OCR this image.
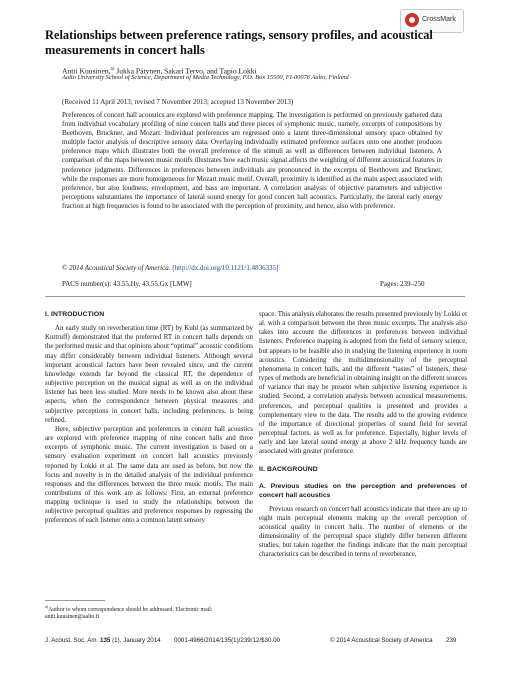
CrossMark
Relationships between preference ratings, sensory profiles, and acoustical measurements in concert halls
Antti Kuusinen,$^{a)}$ Jukka Pätynen, Sakari Tervo, and Tapio Lokki
Aalto University School of Science, Department of Media Technology, P.O. Box 15500, FI-00076 Aalto, Finland
(Received 11 April 2013; revised 7 November 2013; accepted 13 November 2013)

Preferences of concert hall acoustics are explored with preference mapping. The investigation is performed on previously gathered data from individual vocabulary profiling of nine concert halls and three pieces of symphonic music, namely, excerpts of compositions by Beethoven, Bruckner, and Mozart. Individual preferences are regressed onto a latent three-dimensional sensory space obtained by multiple factor analysis of descriptive sensory data. Overlaying individually estimated preference surfaces onto one another produces preference maps which illustrates both the overall preference of the stimuli as well as differences between individual listeners. A comparison of the maps between music motifs illustrates how each music signal affects the weighting of different acoustical features in preference judgments. Differences in preferences between individuals are pronounced in the excerpts of Beethoven and Bruckner, while the responses are more homogeneous for Mozart music motif. Overall, proximity is identified as the main aspect associated with preference, but also loudness, envelopment, and bass are important. A correlation analysis of objective parameters and subjective perceptions substantiates the importance of lateral sound energy for good concert hall acoustics. Particularly, the lateral early energy fraction at high frequencies is found to be associated with the perception of proximity, and hence, also with preference.

© 2014 Acoustical Society of America. [http://dx.doi.org/10.1121/1.4836335]
PACS number(s): 43.55.Hy, 43.55.Gx [LMW]	Pages: 239–250
I. INTRODUCTION

An early study on reverberation time (RT) by Kuhl (as summarized by Kuttruff) demonstrated that the preferred RT in concert halls depends on the performed music and that opinions about “optimal” acoustic conditions may differ considerably between individual listeners. Although several important acoustical factors have been revealed since, and the current knowledge extends far beyond the classical RT, the dependence of subjective perception on the musical signal as well as on the individual listener has been less studied. More needs to be known also about these aspects, when the correspondence between physical measures and subjective perceptions in concert halls, including preferences, is being refined.

Here, subjective perception and preferences in concert hall acoustics are explored with preference mapping of nine concert halls and three excerpts of symphonic music. The current investigation is based on a sensory evaluation experiment on concert hall acoustics previously reported by Lokki et al. The same data are used as before, but now the focus and novelty is in the detailed analysis of the individual preference responses and the differences between the three music motifs. The main contributions of this work are as follows: First, an external preference mapping technique is used to study the relationships between the subjective perceptual qualities and preference responses by regressing the preferences of each listener onto a common latent sensory

space. This analysis elaborates the results presented previously by Lokki et al. with a comparison between the three music excerpts. The analysis also takes into account the differences in preferences between individual listeners. Preference mapping is adopted from the field of sensory science, but appears to be feasible also in studying the listening experience in room acoustics. Considering the multidimensionality of the perceptual phenomena in concert halls, and the different “tastes” of listeners, these types of methods are beneficial in obtaining insight on the different sources of variance that may be present when subjective listening experience is studied. Second, a correlation analysis between acoustical measurements, preferences, and perceptual qualities is presented and provides a complementary view to the data. The results add to the growing evidence of the importance of directional properties of sound field for several perceptual factors, as well as for preference. Especially, higher levels of early and late lateral sound energy at above 2 kHz frequency bands are associated with greater preference.

II. BACKGROUND
A. Previous studies on the perception and preferences of concert hall acoustics

Previous research on concert hall acoustics indicate that there are up to eight main perceptual elements making up the overall perception of acoustical quality in concert halls. The number of elements or the dimensionality of the perceptual space slightly differ between different studies, but taken together the findings indicate that the main perceptual characteristics can be described in terms of reverberance,

$^{a)}$Author to whom correspondence should be addressed. Electronic mail: antti.kuusinen@aalto.fi
J. Acoust. Soc. Am. 135 (1), January 2014 0001-4966/2014/135(1)/239/12/$30.00	© 2014 Acoustical Society of America 239
